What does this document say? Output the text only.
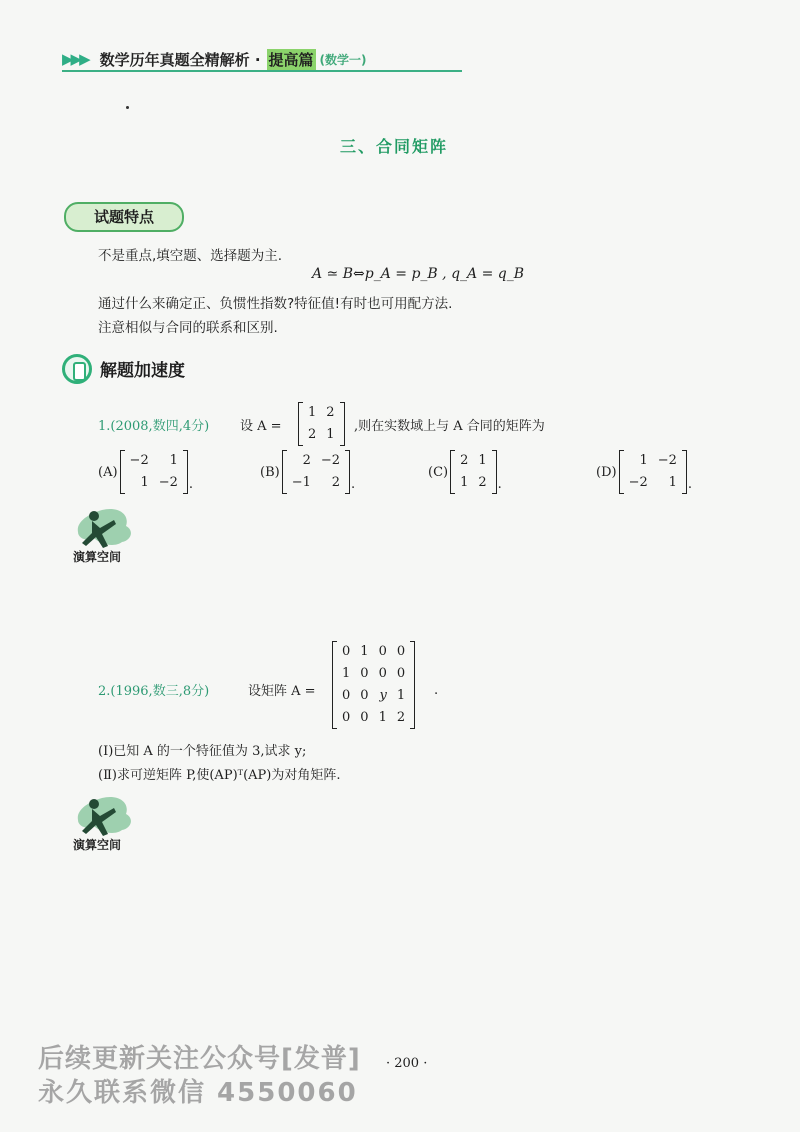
▶▶▶ 数学历年真题全精解析 · 提高篇 (数学一)
三、合同矩阵
试题特点
不是重点,填空题、选择题为主.
A ≃ B⇔p_A = p_B , q_A = q_B
通过什么来确定正、负惯性指数?特征值!有时也可用配方法.
注意相似与合同的联系和区别.
解题加速度
1.(2008,数四,4分) 设 A =
1	2
2	1
,则在实数域上与 A 合同的矩阵为
(A)
−2	1
1	−2 .
(B)
2	−2
−1	2 .
(C)
2	1
1	2 .
(D)
1	−2
−2	1 .
演算空间
2.(1996,数三,8分)	设矩阵 A =
0	1	0	0
1	0	0	0
0	0	y	1
0	0	1	2
.
(Ⅰ)已知 A 的一个特征值为 3,试求 y;
(Ⅱ)求可逆矩阵 P,使(AP)ᵀ(AP)为对角矩阵.
演算空间
后续更新关注公众号[发普]
永久联系微信 4550060
· 200 ·
